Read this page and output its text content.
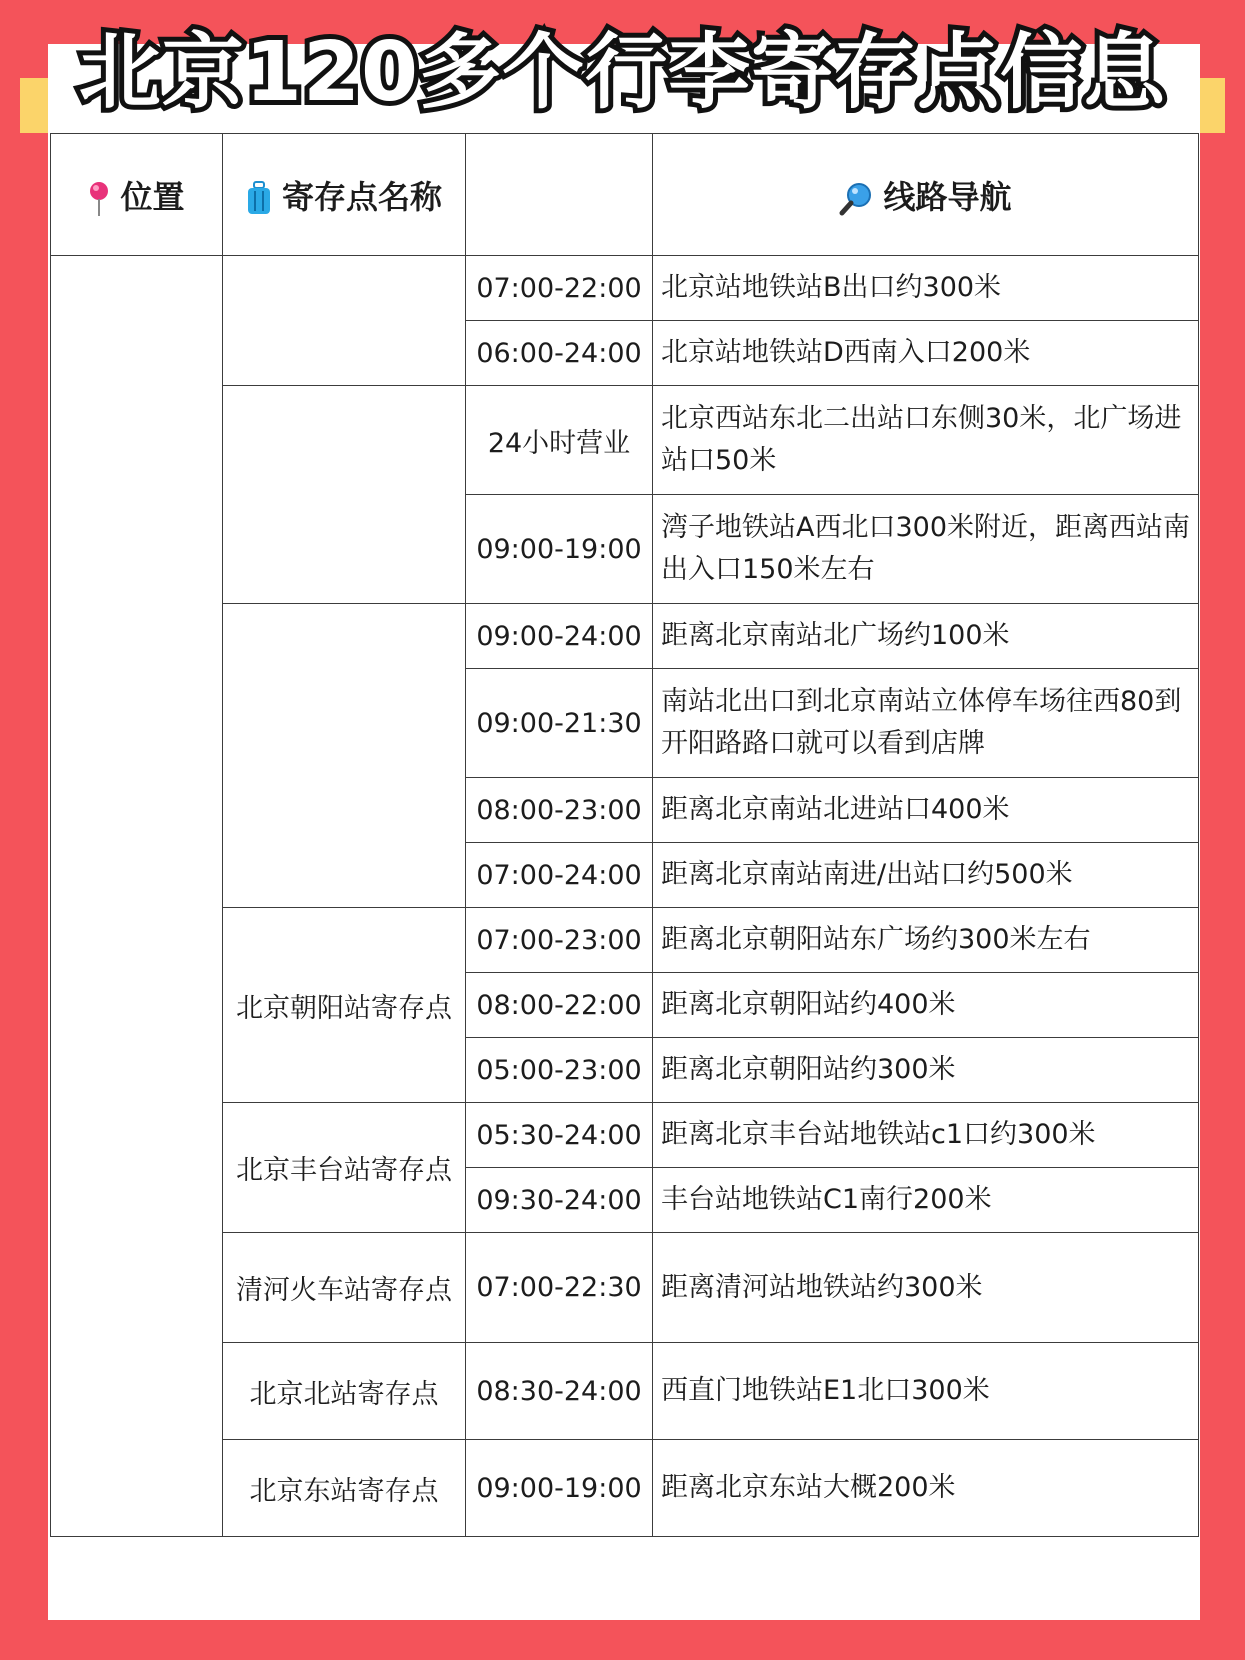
北京120多个行李寄存点信息
位置	寄存点名称		线路导航
		07:00-22:00	北京站地铁站B出口约300米
		06:00-24:00	北京站地铁站D西南入口200米
		24小时营业	北京西站东北二出站口东侧30米，北广场进站口50米
		09:00-19:00	湾子地铁站A西北口300米附近，距离西站南出入口150米左右
		09:00-24:00	距离北京南站北广场约100米
		09:00-21:30	南站北出口到北京南站立体停车场往西80到开阳路路口就可以看到店牌
		08:00-23:00	距离北京南站北进站口400米
		07:00-24:00	距离北京南站南进/出站口约500米
	北京朝阳站寄存点	07:00-23:00	距离北京朝阳站东广场约300米左右
		08:00-22:00	距离北京朝阳站约400米
		05:00-23:00	距离北京朝阳站约300米
	北京丰台站寄存点	05:30-24:00	距离北京丰台站地铁站c1口约300米
		09:30-24:00	丰台站地铁站C1南行200米
	清河火车站寄存点	07:00-22:30	距离清河站地铁站约300米
	北京北站寄存点	08:30-24:00	西直门地铁站E1北口300米
	北京东站寄存点	09:00-19:00	距离北京东站大概200米
